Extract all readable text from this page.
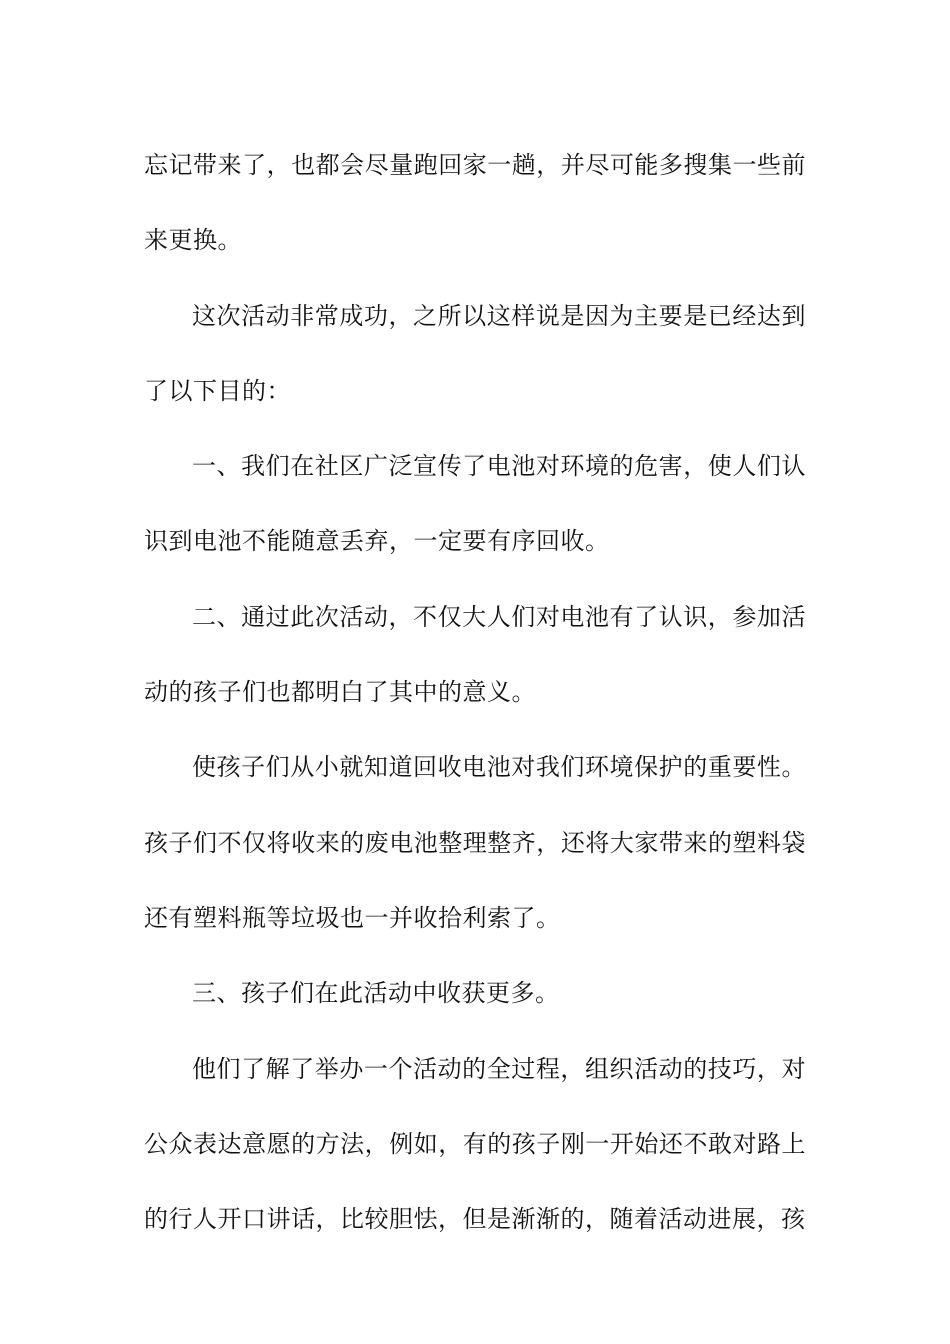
忘记带来了，也都会尽量跑回家一趟，并尽可能多搜集一些前来更换。

这次活动非常成功，之所以这样说是因为主要是已经达到了以下目的：

一、我们在社区广泛宣传了电池对环境的危害，使人们认识到电池不能随意丢弃，一定要有序回收。

二、通过此次活动，不仅大人们对电池有了认识，参加活动的孩子们也都明白了其中的意义。

使孩子们从小就知道回收电池对我们环境保护的重要性。孩子们不仅将收来的废电池整理整齐，还将大家带来的塑料袋还有塑料瓶等垃圾也一并收拾利索了。

三、孩子们在此活动中收获更多。

他们了解了举办一个活动的全过程，组织活动的技巧，对公众表达意愿的方法，例如，有的孩子刚一开始还不敢对路上的行人开口讲话，比较胆怯，但是渐渐的，随着活动进展，孩
